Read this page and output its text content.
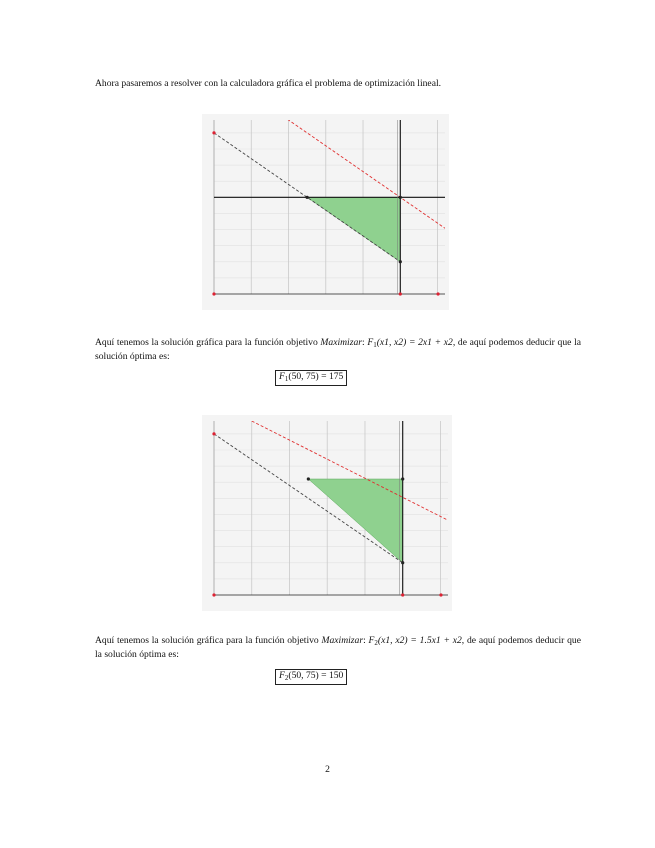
Ahora pasaremos a resolver con la calculadora gráfica el problema de optimización lineal.

Aquí tenemos la solución gráfica para la función objetivo Maximizar: $F_1(x1$, x2) = 2x1 + x2, de aquí podemos deducir que la solución óptima es:

$F_1(50$, 75) = 175

Aquí tenemos la solución gráfica para la función objetivo Maximizar: $F_2(x1$, x2) = 1.5x1 + x2, de aquí podemos deducir que la solución óptima es:

$F_2(50$, 75) = 150
2
